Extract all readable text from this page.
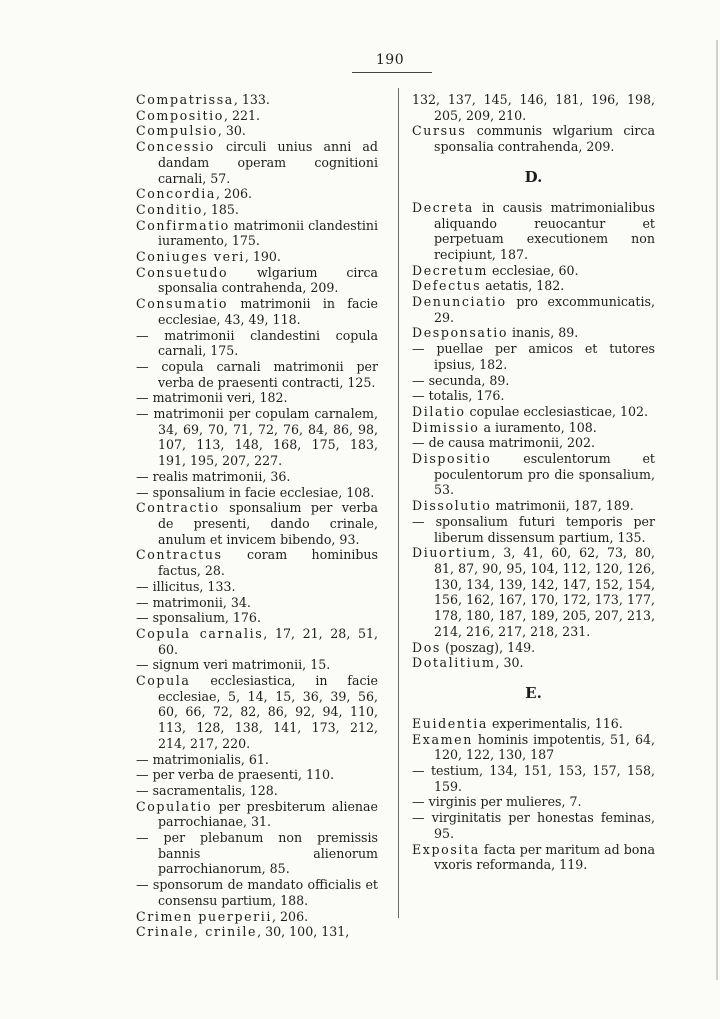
190
Compatrissa, 133.
Compositio, 221.
Compulsio, 30.
Concessio circuli unius anni ad dandam operam cognitioni carnali, 57.
Concordia, 206.
Conditio, 185.
Confirmatio matrimonii clandestini iuramento, 175.
Coniuges veri, 190.
Consuetudo wlgarium circa sponsalia contrahenda, 209.
Consumatio matrimonii in facie ecclesiae, 43, 49, 118.
— matrimonii clandestini copula carnali, 175.
— copula carnali matrimonii per verba de praesenti contracti, 125.
— matrimonii veri, 182.
— matrimonii per copulam carnalem, 34, 69, 70, 71, 72, 76, 84, 86, 98, 107, 113, 148, 168, 175, 183, 191, 195, 207, 227.
— realis matrimonii, 36.
— sponsalium in facie ecclesiae, 108.
Contractio sponsalium per verba de presenti, dando crinale, anulum et invicem bibendo, 93.
Contractus coram hominibus factus, 28.
— illicitus, 133.
— matrimonii, 34.
— sponsalium, 176.
Copula carnalis, 17, 21, 28, 51, 60.
— signum veri matrimonii, 15.
Copula ecclesiastica, in facie ecclesiae, 5, 14, 15, 36, 39, 56, 60, 66, 72, 82, 86, 92, 94, 110, 113, 128, 138, 141, 173, 212, 214, 217, 220.
— matrimonialis, 61.
— per verba de praesenti, 110.
— sacramentalis, 128.
Copulatio per presbiterum alienae parrochianae, 31.
— per plebanum non premissis bannis alienorum parrochianorum, 85.
— sponsorum de mandato officialis et consensu partium, 188.
Crimen puerperii, 206.
Crinale, crinile, 30, 100, 131,
132, 137, 145, 146, 181, 196, 198, 205, 209, 210.
Cursus communis wlgarium circa sponsalia contrahenda, 209.
D.
Decreta in causis matrimonialibus aliquando reuocantur et perpetuam executionem non recipiunt, 187.
Decretum ecclesiae, 60.
Defectus aetatis, 182.
Denunciatio pro excommunicatis, 29.
Desponsatio inanis, 89.
— puellae per amicos et tutores ipsius, 182.
— secunda, 89.
— totalis, 176.
Dilatio copulae ecclesiasticae, 102.
Dimissio a iuramento, 108.
— de causa matrimonii, 202.
Dispositio esculentorum et poculentorum pro die sponsalium, 53.
Dissolutio matrimonii, 187, 189.
— sponsalium futuri temporis per liberum dissensum partium, 135.
Diuortium, 3, 41, 60, 62, 73, 80, 81, 87, 90, 95, 104, 112, 120, 126, 130, 134, 139, 142, 147, 152, 154, 156, 162, 167, 170, 172, 173, 177, 178, 180, 187, 189, 205, 207, 213, 214, 216, 217, 218, 231.
Dos (poszag), 149.
Dotalitium, 30.
E.
Euidentia experimentalis, 116.
Examen hominis impotentis, 51, 64, 120, 122, 130, 187
— testium, 134, 151, 153, 157, 158, 159.
— virginis per mulieres, 7.
— virginitatis per honestas feminas, 95.
Exposita facta per maritum ad bona vxoris reformanda, 119.
